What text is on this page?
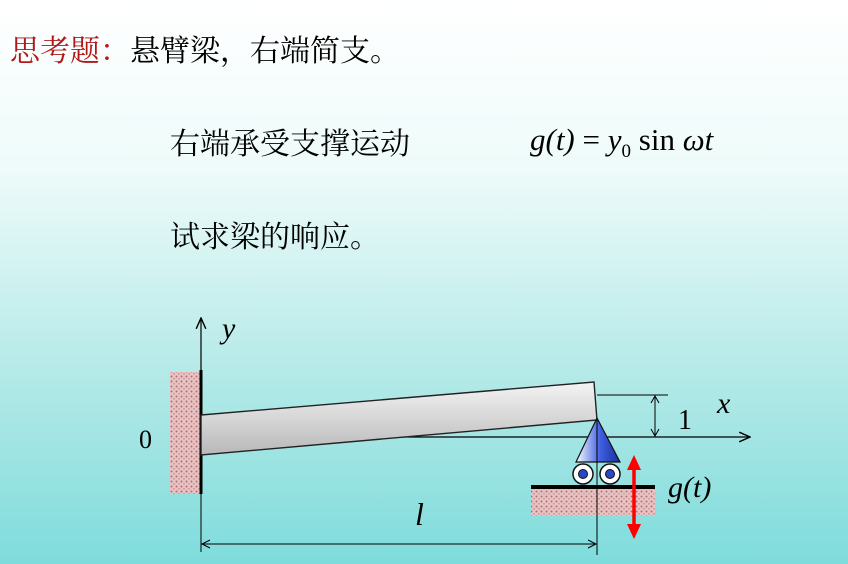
思考题：悬臂梁，右端简支。
右端承受支撑运动	$g(t) = y_0$ sin ωt
试求梁的响应。
y
0
x
1
g(t)
l
